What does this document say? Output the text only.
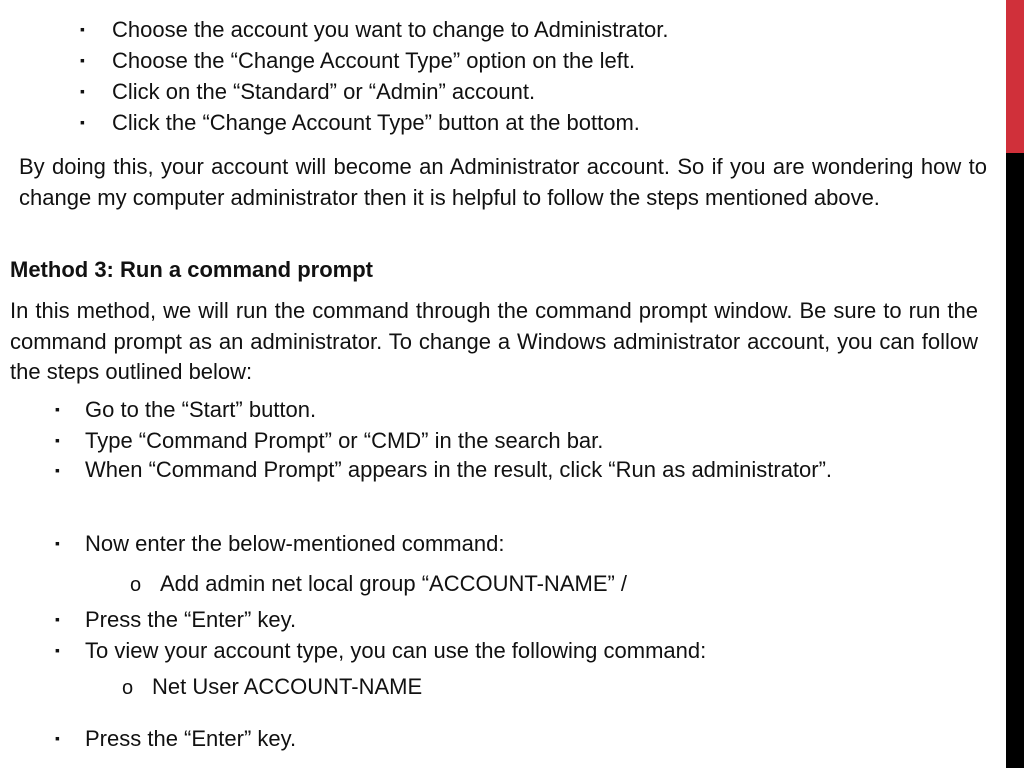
▪	Choose the account you want to change to Administrator.
▪	Choose the “Change Account Type” option on the left.
▪	Click on the “Standard” or “Admin” account.
▪	Click the “Change Account Type” button at the bottom.

By doing this, your account will become an Administrator account. So if you are wondering how to change my computer administrator then it is helpful to follow the steps mentioned above.

Method 3: Run a command prompt

In this method, we will run the command through the command prompt window. Be sure to run the command prompt as an administrator. To change a Windows administrator account, you can follow the steps outlined below:

▪	Go to the “Start” button.
▪	Type “Command Prompt” or “CMD” in the search bar.
▪ When “Command Prompt” appears in the result, click “Run as administrator”.
▪	Now enter the below-mentioned command:
o Add admin net local group “ACCOUNT-NAME” /
▪	Press the “Enter” key.
▪	To view your account type, you can use the following command:
o Net User ACCOUNT-NAME
▪	Press the “Enter” key.
